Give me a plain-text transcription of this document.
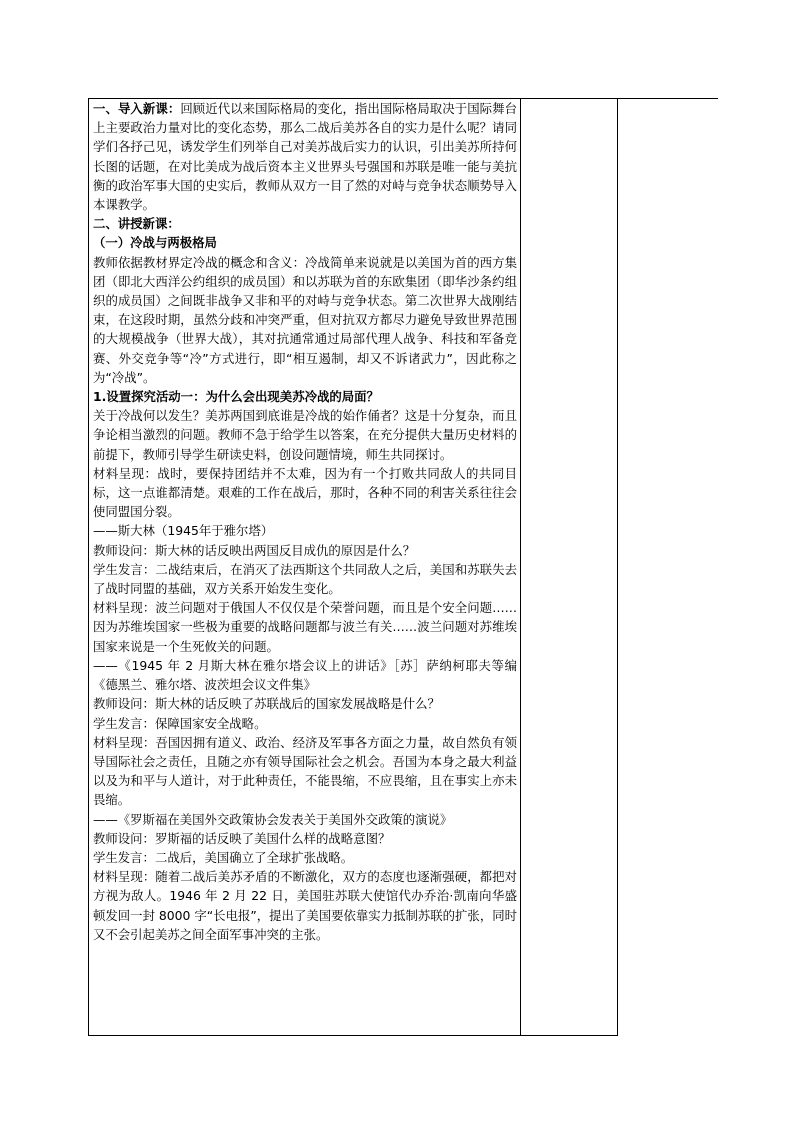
一、导入新课：回顾近代以来国际格局的变化，指出国际格局取决于国际舞台上主要政治力量对比的变化态势，那么二战后美苏各自的实力是什么呢？请同学们各抒己见，诱发学生们列举自己对美苏战后实力的认识，引出美苏所持何长图的话题，在对比美成为战后资本主义世界头号强国和苏联是唯一能与美抗衡的政治军事大国的史实后，教师从双方一目了然的对峙与竞争状态顺势导入本课教学。

二、讲授新课：

（一）冷战与两极格局

教师依据教材界定冷战的概念和含义：冷战简单来说就是以美国为首的西方集团（即北大西洋公约组织的成员国）和以苏联为首的东欧集团（即华沙条约组织的成员国）之间既非战争又非和平的对峙与竞争状态。第二次世界大战刚结束，在这段时期，虽然分歧和冲突严重，但对抗双方都尽力避免导致世界范围的大规模战争（世界大战），其对抗通常通过局部代理人战争、科技和军备竞赛、外交竞争等“冷”方式进行，即“相互遏制，却又不诉诸武力”，因此称之为“冷战”。

1.设置探究活动一：为什么会出现美苏冷战的局面？

关于冷战何以发生？美苏两国到底谁是冷战的始作俑者？这是十分复杂，而且争论相当激烈的问题。教师不急于给学生以答案，在充分提供大量历史材料的前提下，教师引导学生研读史料，创设问题情境，师生共同探讨。

材料呈现：战时，要保持团结并不太难，因为有一个打败共同敌人的共同目标，这一点谁都清楚。艰难的工作在战后，那时，各种不同的利害关系往往会使同盟国分裂。

——斯大林（1945年于雅尔塔）

教师设问：斯大林的话反映出两国反目成仇的原因是什么？

学生发言：二战结束后，在消灭了法西斯这个共同敌人之后，美国和苏联失去了战时同盟的基础，双方关系开始发生变化。

材料呈现：波兰问题对于俄国人不仅仅是个荣誉问题，而且是个安全问题……因为苏维埃国家一些极为重要的战略问题都与波兰有关……波兰问题对苏维埃国家来说是一个生死攸关的问题。

——《1945 年 2 月斯大林在雅尔塔会议上的讲话》［苏］萨纳柯耶夫等编《德黑兰、雅尔塔、波茨坦会议文件集》

教师设问：斯大林的话反映了苏联战后的国家发展战略是什么？

学生发言：保障国家安全战略。

材料呈现：吾国因拥有道义、政治、经济及军事各方面之力量，故自然负有领导国际社会之责任，且随之亦有领导国际社会之机会。吾国为本身之最大利益以及为和平与人道计，对于此种责任，不能畏缩，不应畏缩，且在事实上亦未畏缩。

——《罗斯福在美国外交政策协会发表关于美国外交政策的演说》

教师设问：罗斯福的话反映了美国什么样的战略意图？

学生发言：二战后，美国确立了全球扩张战略。

材料呈现：随着二战后美苏矛盾的不断激化，双方的态度也逐渐强硬，都把对方视为敌人。1946 年 2 月 22 日，美国驻苏联大使馆代办乔治·凯南向华盛顿发回一封 8000 字“长电报”，提出了美国要依靠实力抵制苏联的扩张，同时又不会引起美苏之间全面军事冲突的主张。
